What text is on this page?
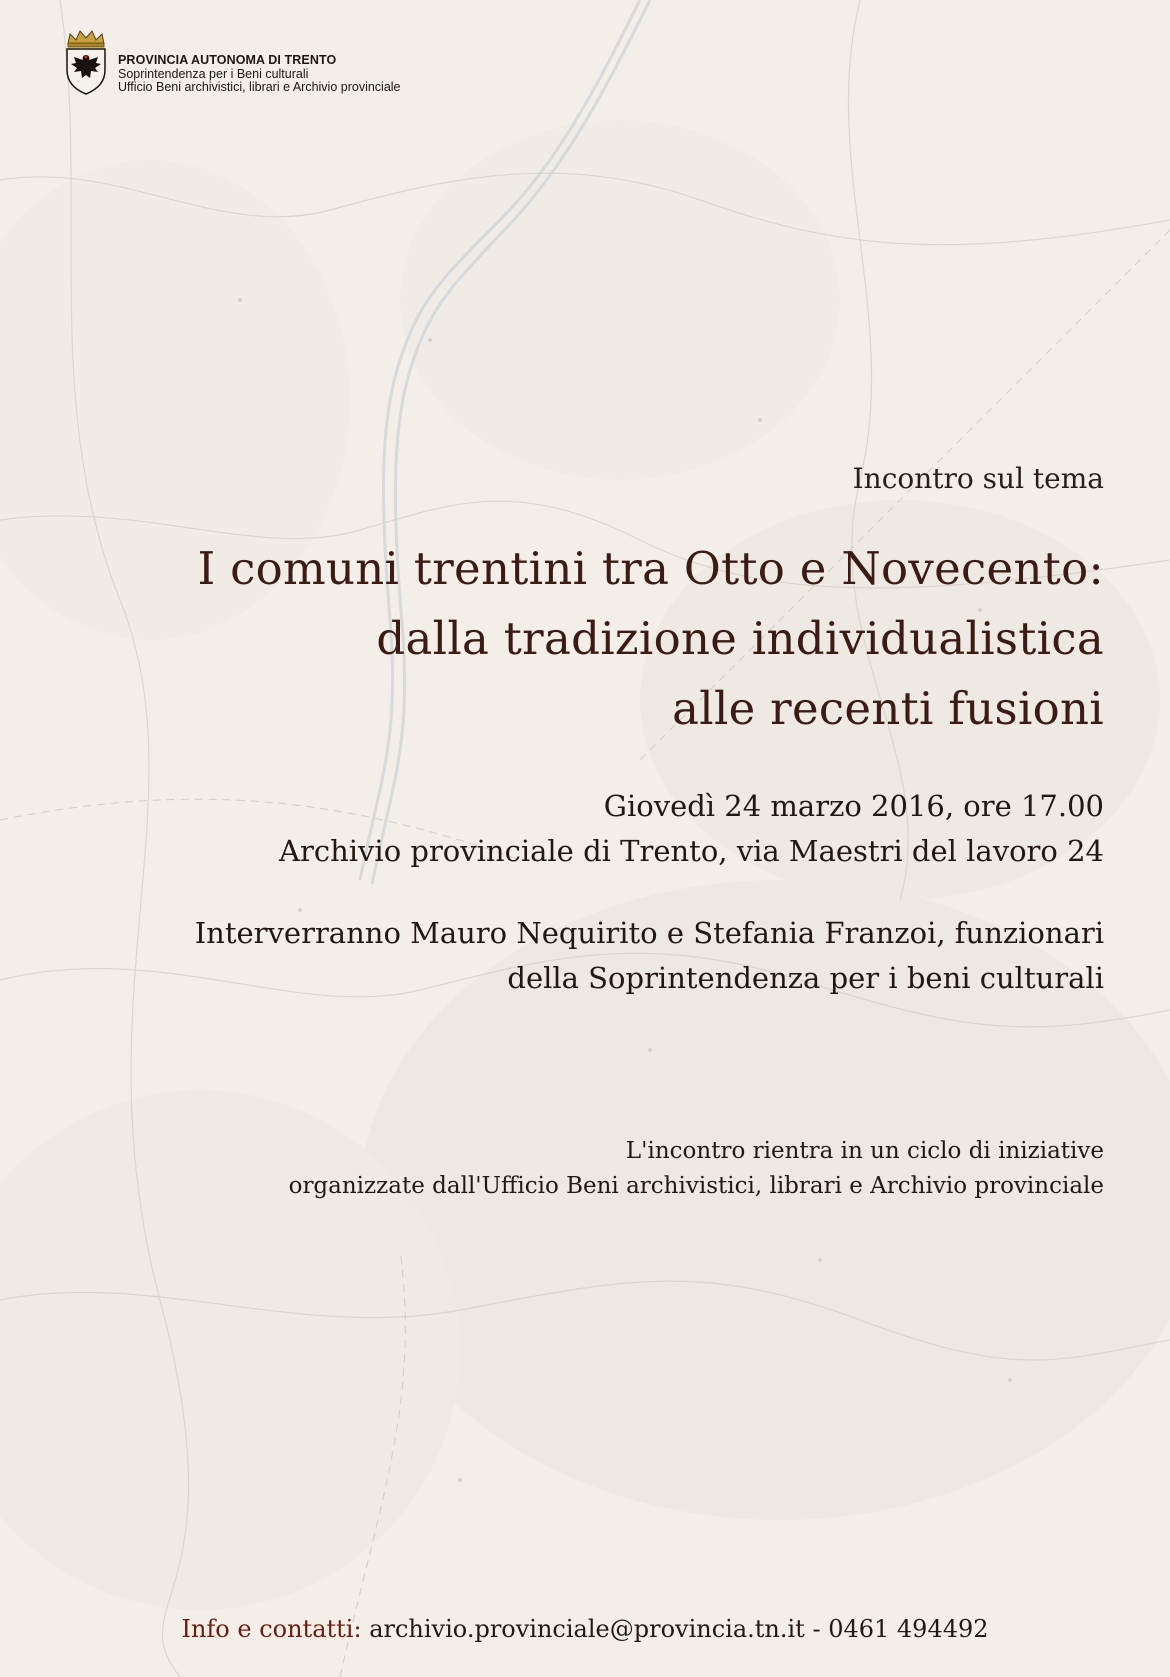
PROVINCIA AUTONOMA DI TRENTO
Soprintendenza per i Beni culturali
Ufficio Beni archivistici, librari e Archivio provinciale

Incontro sul tema

I comuni trentini tra Otto e Novecento:
dalla tradizione individualistica
alle recenti fusioni
Giovedì 24 marzo 2016, ore 17.00
Archivio provinciale di Trento, via Maestri del lavoro 24
Interverranno Mauro Nequirito e Stefania Franzoi, funzionari
della Soprintendenza per i beni culturali
L'incontro rientra in un ciclo di iniziative
organizzate dall'Ufficio Beni archivistici, librari e Archivio provinciale
Info e contatti: archivio.provinciale@provincia.tn.it - 0461 494492
